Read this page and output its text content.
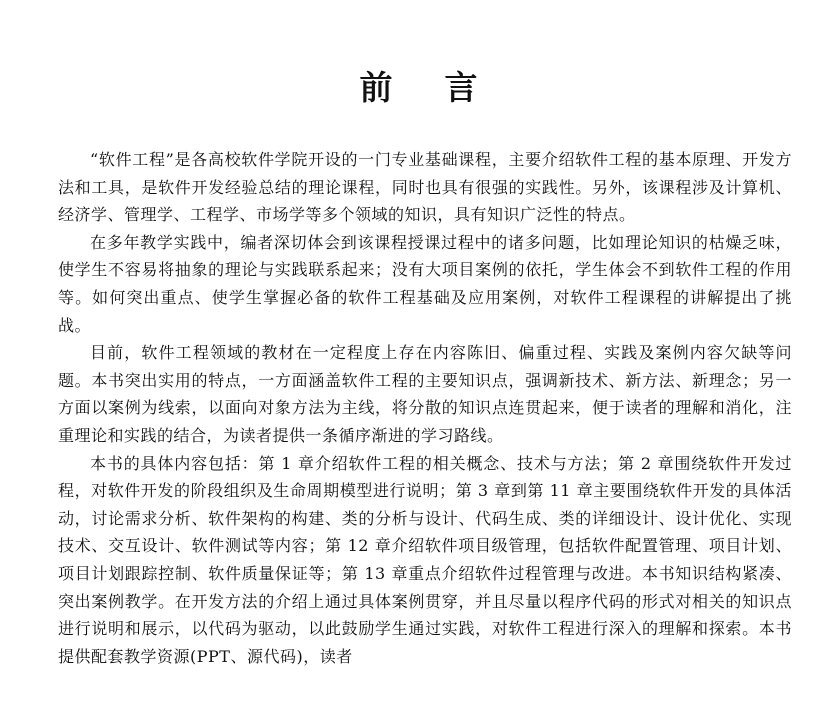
前言

“软件工程”是各高校软件学院开设的一门专业基础课程，主要介绍软件工程的基本原理、开发方法和工具，是软件开发经验总结的理论课程，同时也具有很强的实践性。另外，该课程涉及计算机、经济学、管理学、工程学、市场学等多个领域的知识，具有知识广泛性的特点。

在多年教学实践中，编者深切体会到该课程授课过程中的诸多问题，比如理论知识的枯燥乏味，使学生不容易将抽象的理论与实践联系起来；没有大项目案例的依托，学生体会不到软件工程的作用等。如何突出重点、使学生掌握必备的软件工程基础及应用案例，对软件工程课程的讲解提出了挑战。

目前，软件工程领域的教材在一定程度上存在内容陈旧、偏重过程、实践及案例内容欠缺等问题。本书突出实用的特点，一方面涵盖软件工程的主要知识点，强调新技术、新方法、新理念；另一方面以案例为线索，以面向对象方法为主线，将分散的知识点连贯起来，便于读者的理解和消化，注重理论和实践的结合，为读者提供一条循序渐进的学习路线。

本书的具体内容包括：第 1 章介绍软件工程的相关概念、技术与方法；第 2 章围绕软件开发过程，对软件开发的阶段组织及生命周期模型进行说明；第 3 章到第 11 章主要围绕软件开发的具体活动，讨论需求分析、软件架构的构建、类的分析与设计、代码生成、类的详细设计、设计优化、实现技术、交互设计、软件测试等内容；第 12 章介绍软件项目级管理，包括软件配置管理、项目计划、项目计划跟踪控制、软件质量保证等；第 13 章重点介绍软件过程管理与改进。本书知识结构紧凑、突出案例教学。在开发方法的介绍上通过具体案例贯穿，并且尽量以程序代码的形式对相关的知识点进行说明和展示，以代码为驱动，以此鼓励学生通过实践，对软件工程进行深入的理解和探索。本书提供配套教学资源(PPT、源代码)，读者
